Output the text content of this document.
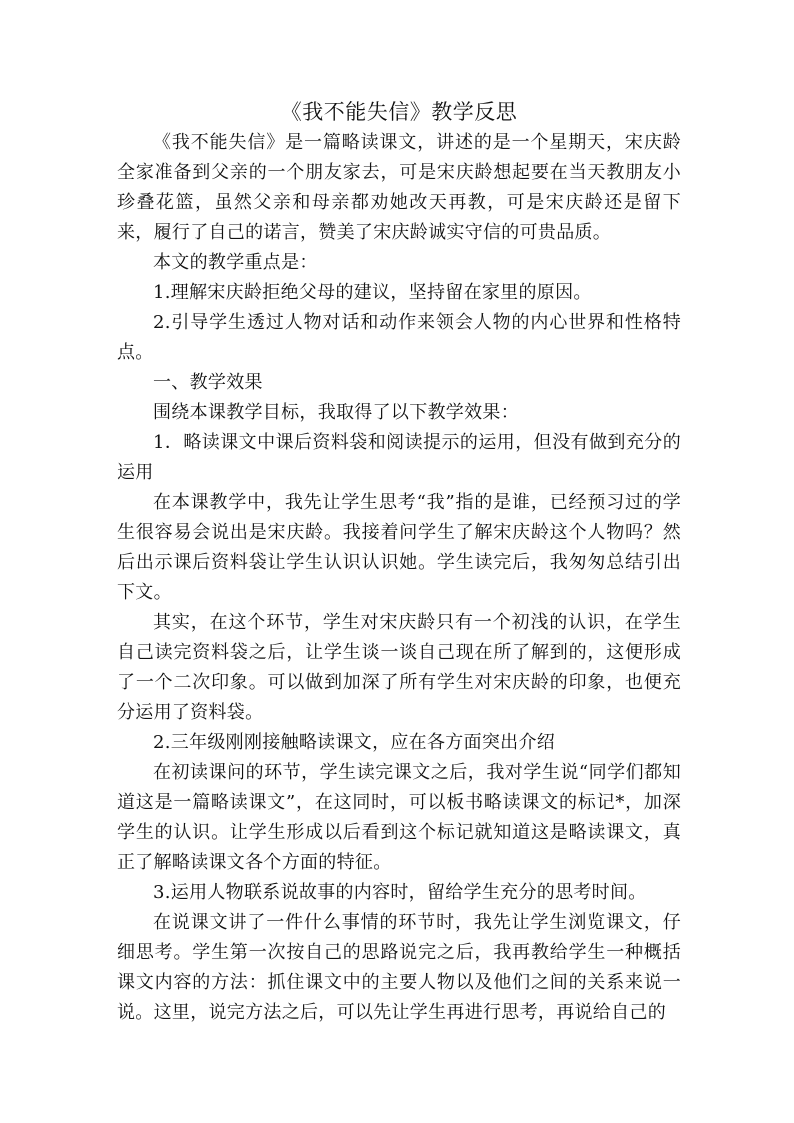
《我不能失信》教学反思

《我不能失信》是一篇略读课文，讲述的是一个星期天，宋庆龄全家准备到父亲的一个朋友家去，可是宋庆龄想起要在当天教朋友小珍叠花篮，虽然父亲和母亲都劝她改天再教，可是宋庆龄还是留下来，履行了自己的诺言，赞美了宋庆龄诚实守信的可贵品质。

本文的教学重点是：

1.理解宋庆龄拒绝父母的建议，坚持留在家里的原因。

2.引导学生透过人物对话和动作来领会人物的内心世界和性格特点。

一、教学效果

围绕本课教学目标，我取得了以下教学效果：

1．略读课文中课后资料袋和阅读提示的运用，但没有做到充分的运用

在本课教学中，我先让学生思考“我”指的是谁，已经预习过的学生很容易会说出是宋庆龄。我接着问学生了解宋庆龄这个人物吗？然后出示课后资料袋让学生认识认识她。学生读完后，我匆匆总结引出下文。

其实，在这个环节，学生对宋庆龄只有一个初浅的认识，在学生自己读完资料袋之后，让学生谈一谈自己现在所了解到的，这便形成了一个二次印象。可以做到加深了所有学生对宋庆龄的印象，也便充分运用了资料袋。

2.三年级刚刚接触略读课文，应在各方面突出介绍

在初读课问的环节，学生读完课文之后，我对学生说“同学们都知道这是一篇略读课文”，在这同时，可以板书略读课文的标记*，加深学生的认识。让学生形成以后看到这个标记就知道这是略读课文，真正了解略读课文各个方面的特征。

3.运用人物联系说故事的内容时，留给学生充分的思考时间。

在说课文讲了一件什么事情的环节时，我先让学生浏览课文，仔细思考。学生第一次按自己的思路说完之后，我再教给学生一种概括课文内容的方法：抓住课文中的主要人物以及他们之间的关系来说一说。这里，说完方法之后，可以先让学生再进行思考，再说给自己的
